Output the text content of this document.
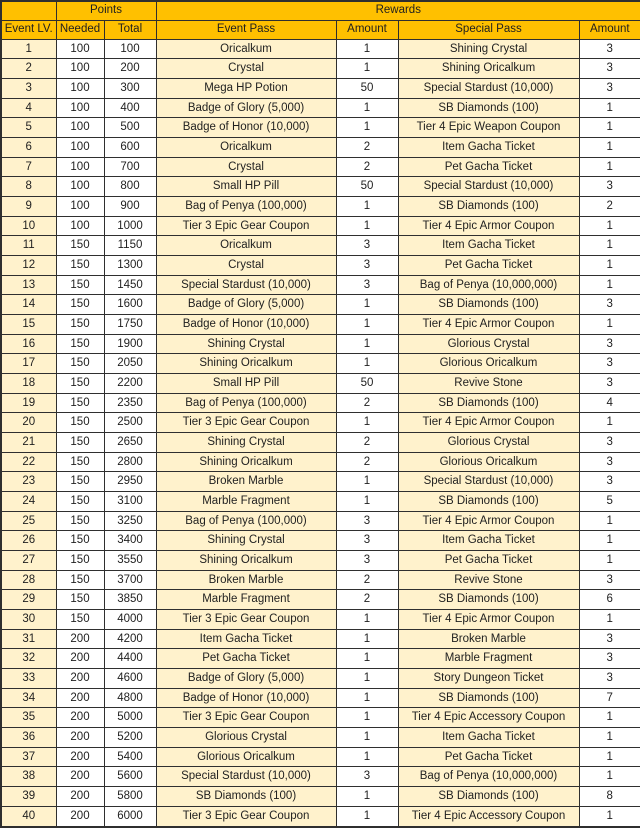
	Points		Rewards			
Event LV.	Needed	Total	Event Pass	Amount	Special Pass	Amount
1	100	100	Oricalkum	1	Shining Crystal	3
2	100	200	Crystal	1	Shining Oricalkum	3
3	100	300	Mega HP Potion	50	Special Stardust (10,000)	3
4	100	400	Badge of Glory (5,000)	1	SB Diamonds (100)	1
5	100	500	Badge of Honor (10,000)	1	Tier 4 Epic Weapon Coupon	1
6	100	600	Oricalkum	2	Item Gacha Ticket	1
7	100	700	Crystal	2	Pet Gacha Ticket	1
8	100	800	Small HP Pill	50	Special Stardust (10,000)	3
9	100	900	Bag of Penya (100,000)	1	SB Diamonds (100)	2
10	100	1000	Tier 3 Epic Gear Coupon	1	Tier 4 Epic Armor Coupon	1
11	150	1150	Oricalkum	3	Item Gacha Ticket	1
12	150	1300	Crystal	3	Pet Gacha Ticket	1
13	150	1450	Special Stardust (10,000)	3	Bag of Penya (10,000,000)	1
14	150	1600	Badge of Glory (5,000)	1	SB Diamonds (100)	3
15	150	1750	Badge of Honor (10,000)	1	Tier 4 Epic Armor Coupon	1
16	150	1900	Shining Crystal	1	Glorious Crystal	3
17	150	2050	Shining Oricalkum	1	Glorious Oricalkum	3
18	150	2200	Small HP Pill	50	Revive Stone	3
19	150	2350	Bag of Penya (100,000)	2	SB Diamonds (100)	4
20	150	2500	Tier 3 Epic Gear Coupon	1	Tier 4 Epic Armor Coupon	1
21	150	2650	Shining Crystal	2	Glorious Crystal	3
22	150	2800	Shining Oricalkum	2	Glorious Oricalkum	3
23	150	2950	Broken Marble	1	Special Stardust (10,000)	3
24	150	3100	Marble Fragment	1	SB Diamonds (100)	5
25	150	3250	Bag of Penya (100,000)	3	Tier 4 Epic Armor Coupon	1
26	150	3400	Shining Crystal	3	Item Gacha Ticket	1
27	150	3550	Shining Oricalkum	3	Pet Gacha Ticket	1
28	150	3700	Broken Marble	2	Revive Stone	3
29	150	3850	Marble Fragment	2	SB Diamonds (100)	6
30	150	4000	Tier 3 Epic Gear Coupon	1	Tier 4 Epic Armor Coupon	1
31	200	4200	Item Gacha Ticket	1	Broken Marble	3
32	200	4400	Pet Gacha Ticket	1	Marble Fragment	3
33	200	4600	Badge of Glory (5,000)	1	Story Dungeon Ticket	3
34	200	4800	Badge of Honor (10,000)	1	SB Diamonds (100)	7
35	200	5000	Tier 3 Epic Gear Coupon	1	Tier 4 Epic Accessory Coupon	1
36	200	5200	Glorious Crystal	1	Item Gacha Ticket	1
37	200	5400	Glorious Oricalkum	1	Pet Gacha Ticket	1
38	200	5600	Special Stardust (10,000)	3	Bag of Penya (10,000,000)	1
39	200	5800	SB Diamonds (100)	1	SB Diamonds (100)	8
40	200	6000	Tier 3 Epic Gear Coupon	1	Tier 4 Epic Accessory Coupon	1
